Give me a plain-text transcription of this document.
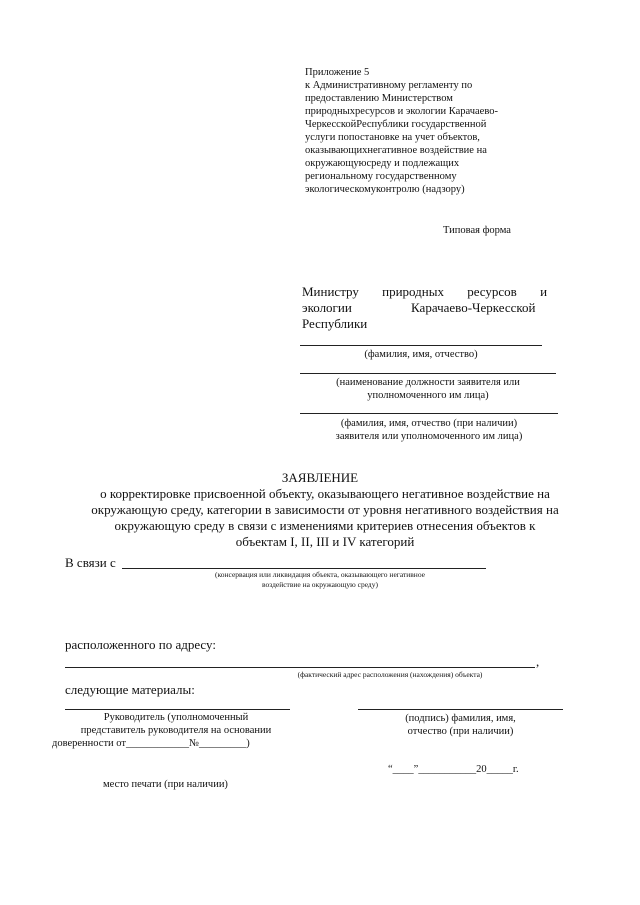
Приложение 5
к Административному регламенту по
предоставлению Министерством
природныхресурсов и экологии Карачаево-
ЧеркесскойРеспублики государственной
услуги попостановке на учет объектов,
оказывающихнегативное воздействие на
окружающуюсреду и подлежащих
региональному государственному
экологическомуконтролю (надзору)
Типовая форма
Министру природных ресурсов и
экологии Карачаево-Черкесской
Республики
(фамилия, имя, отчество)
(наименование должности заявителя или
уполномоченного им лица)
(фамилия, имя, отчество (при наличии)
заявителя или уполномоченного им лица)
ЗАЯВЛЕНИЕ
о корректировке присвоенной объекту, оказывающего негативное воздействие на
окружающую среду, категории в зависимости от уровня негативного воздействия на
окружающую среду в связи с изменениями критериев отнесения объектов к
объектам I, II, III и IV категорий
В связи с
(консервация или ликвидация объекта, оказывающего негативное
воздействие на окружающую среду)
расположенного по адресу:
,
(фактический адрес расположения (нахождения) объекта)
следующие материалы:
Руководитель (уполномоченный
представитель руководителя на основании
доверенности от____________№_________)
(подпись) фамилия, имя,
отчество (при наличии)
“____”___________20_____г.
место печати (при наличии)
